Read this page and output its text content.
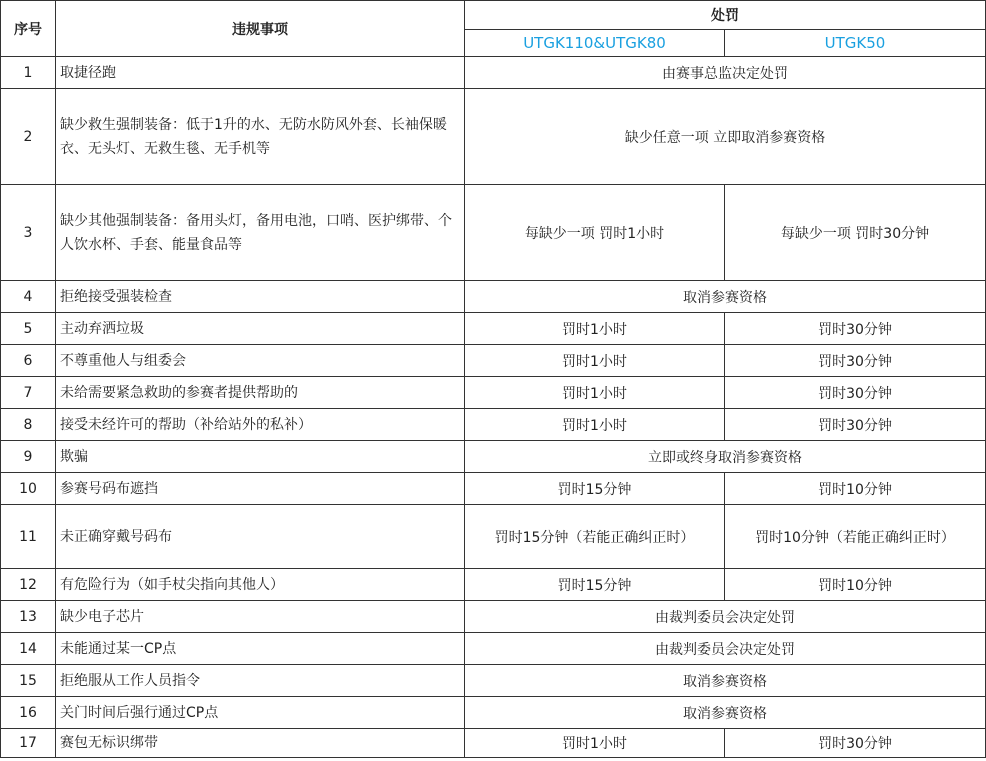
序号	违规事项	处罚	
		UTGK110&UTGK80	UTGK50
1	取捷径跑	由赛事总监决定处罚	
2	缺少救生强制装备：低于1升的水、无防水防风外套、长袖保暖衣、无头灯、无救生毯、无手机等	缺少任意一项 立即取消参赛资格	
3	缺少其他强制装备：备用头灯，备用电池，口哨、医护绑带、个人饮水杯、手套、能量食品等	每缺少一项 罚时1小时	每缺少一项 罚时30分钟
4	拒绝接受强装检查	取消参赛资格	
5	主动弃洒垃圾	罚时1小时	罚时30分钟
6	不尊重他人与组委会	罚时1小时	罚时30分钟
7	未给需要紧急救助的参赛者提供帮助的	罚时1小时	罚时30分钟
8	接受未经许可的帮助（补给站外的私补）	罚时1小时	罚时30分钟
9	欺骗	立即或终身取消参赛资格	
10	参赛号码布遮挡	罚时15分钟	罚时10分钟
11	未正确穿戴号码布	罚时15分钟（若能正确纠正时）	罚时10分钟（若能正确纠正时）
12	有危险行为（如手杖尖指向其他人）	罚时15分钟	罚时10分钟
13	缺少电子芯片	由裁判委员会决定处罚	
14	未能通过某一CP点	由裁判委员会决定处罚	
15	拒绝服从工作人员指令	取消参赛资格	
16	关门时间后强行通过CP点	取消参赛资格	
17	赛包无标识绑带	罚时1小时	罚时30分钟
